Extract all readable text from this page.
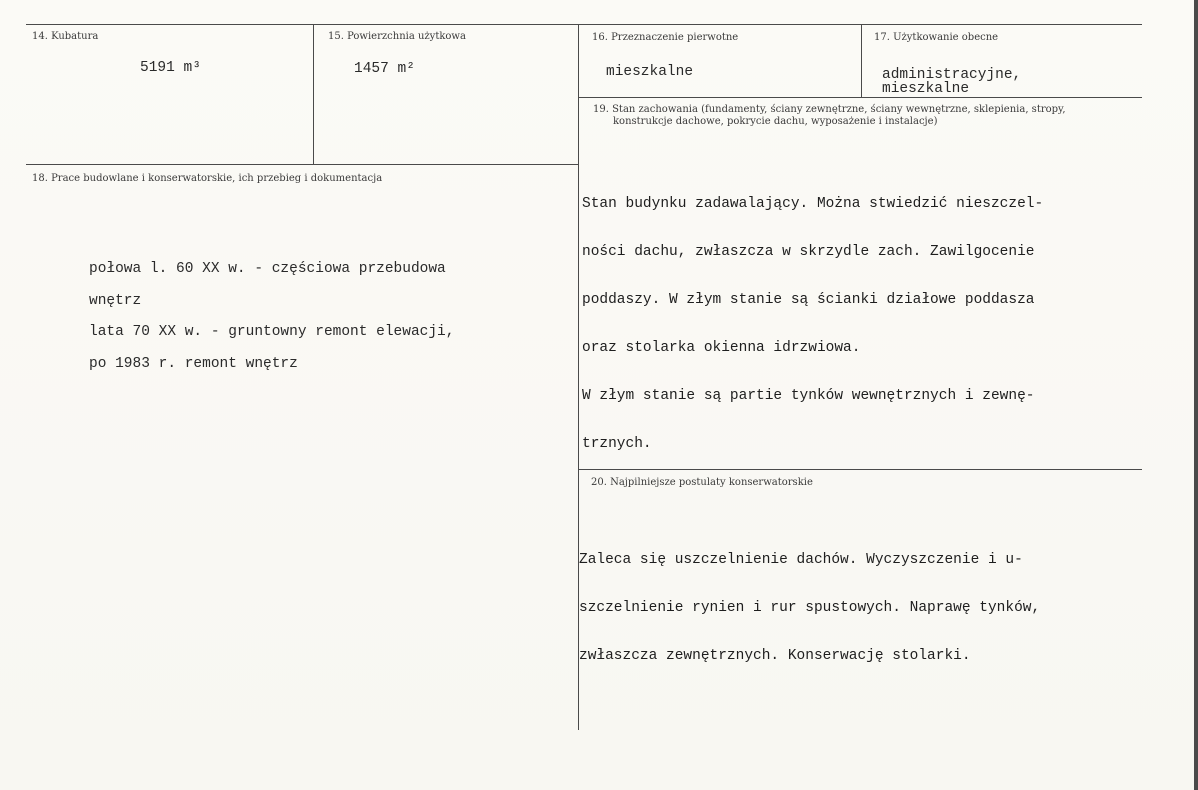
14. Kubatura
5191 m³
15. Powierzchnia użytkowa
1457 m²
16. Przeznaczenie pierwotne
mieszkalne
17. Użytkowanie obecne
administracyjne,
mieszkalne
19. Stan zachowania (fundamenty, ściany zewnętrzne, ściany wewnętrzne, sklepienia, stropy,
konstrukcje dachowe, pokrycie dachu, wyposażenie i instalacje)

Stan budynku zadawalający. Można stwiedzić nieszczel-

ności dachu, zwłaszcza w skrzydle zach. Zawilgocenie

poddaszy. W złym stanie są ścianki działowe poddasza

oraz stolarka okienna idrzwiowa.

W złym stanie są partie tynków wewnętrznych i zewnę-

trznych.

18. Prace budowlane i konserwatorskie, ich przebieg i dokumentacja
połowa l. 60 XX w. - częściowa przebudowa
wnętrz
lata 70 XX w. - gruntowny remont elewacji,
po 1983 r. remont wnętrz
20. Najpilniejsze postulaty konserwatorskie

Zaleca się uszczelnienie dachów. Wyczyszczenie i u-

szczelnienie rynien i rur spustowych. Naprawę tynków,

zwłaszcza zewnętrznych. Konserwację stolarki.
